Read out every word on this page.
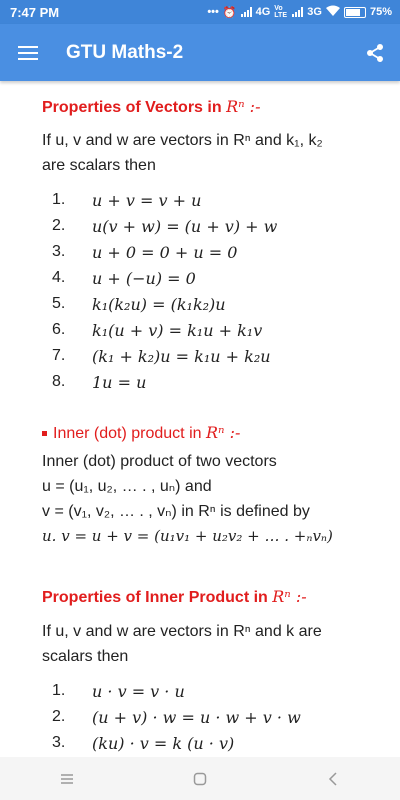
7:47 PM	••• ⏰ 4G Vo LTE 3G	75%
GTU Maths-2
Properties of Vectors in Rⁿ :-
If u, v and w are vectors in Rⁿ and k₁, k₂
are scalars then
1.	u + v = v + u
2.	u(v + w) = (u + v) + w
3.	u + 0 = 0 + u = 0
4.	u + (−u) = 0
5.	k₁(k₂u) = (k₁k₂)u
6.	k₁(u + v) = k₁u + k₁v
7.	(k₁ + k₂)u = k₁u + k₂u
8.	1u = u
Inner (dot) product in Rⁿ :-
Inner (dot) product of two vectors
u = (u₁, u₂, … . , uₙ) and
v = (v₁, v₂, … . , vₙ) in Rⁿ is defined by
u. v = u + v = (u₁v₁ + u₂v₂ + … . +ₙvₙ)
Properties of Inner Product in Rⁿ :-
If u, v and w are vectors in Rⁿ and k are
scalars then
1.	u · v = v · u
2.	(u + v) · w = u · w + v · w
3.	(ku) · v = k (u · v)
